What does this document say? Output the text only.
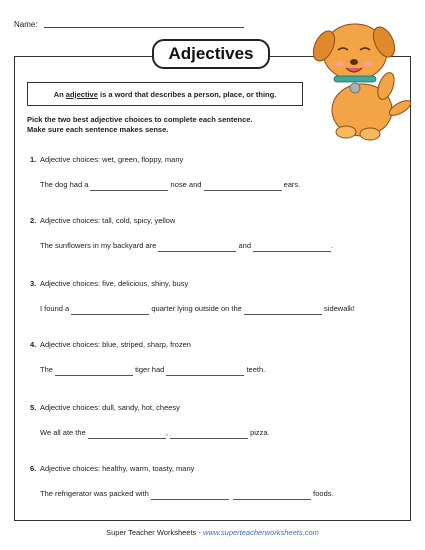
Name:
Adjectives
An adjective is a word that describes a person, place, or thing.
Pick the two best adjective choices to complete each sentence.
Make sure each sentence makes sense.
1. Adjective choices: wet, green, floppy, many
The dog had a	nose and	ears.
2. Adjective choices: tall, cold, spicy, yellow
The sunflowers in my backyard are	and	.
3. Adjective choices: five, delicious, shiny, busy
I found a	quarter lying outside on the	sidewalk!
4. Adjective choices: blue, striped, sharp, frozen
The	tiger had	teeth.
5. Adjective choices: dull, sandy, hot, cheesy
We all ate the	,	pizza.
6. Adjective choices: healthy, warm, toasty, many
The refrigerator was packed with	foods.
Super Teacher Worksheets - www.superteacherworksheets.com
